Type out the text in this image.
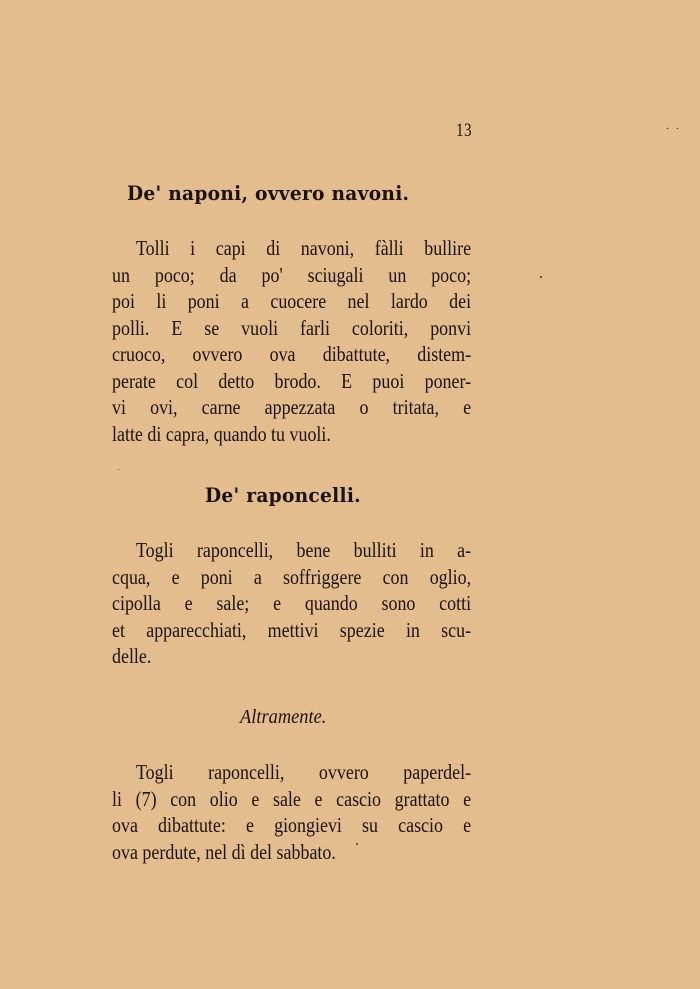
13	. .
De' naponi, ovvero navoni.
Tolli i capi di navoni, fàlli bullire
un poco; da po' sciugali un poco;
poi li poni a cuocere nel lardo dei
polli. E se vuoli farli coloriti, ponvi
cruoco, ovvero ova dibattute, distem-
perate col detto brodo. E puoi poner-
vi ovi, carne appezzata o tritata, e
latte di capra, quando tu vuoli.
De' raponcelli.
Togli raponcelli, bene bulliti in a-
cqua, e poni a soffriggere con oglio,
cipolla e sale; e quando sono cotti
et apparecchiati, mettivi spezie in scu-
delle.
Altramente.
Togli raponcelli, ovvero paperdel-
li (7) con olio e sale e cascio grattato e
ova dibattute: e giongievi su cascio e
ova perdute, nel dì del sabbato.
